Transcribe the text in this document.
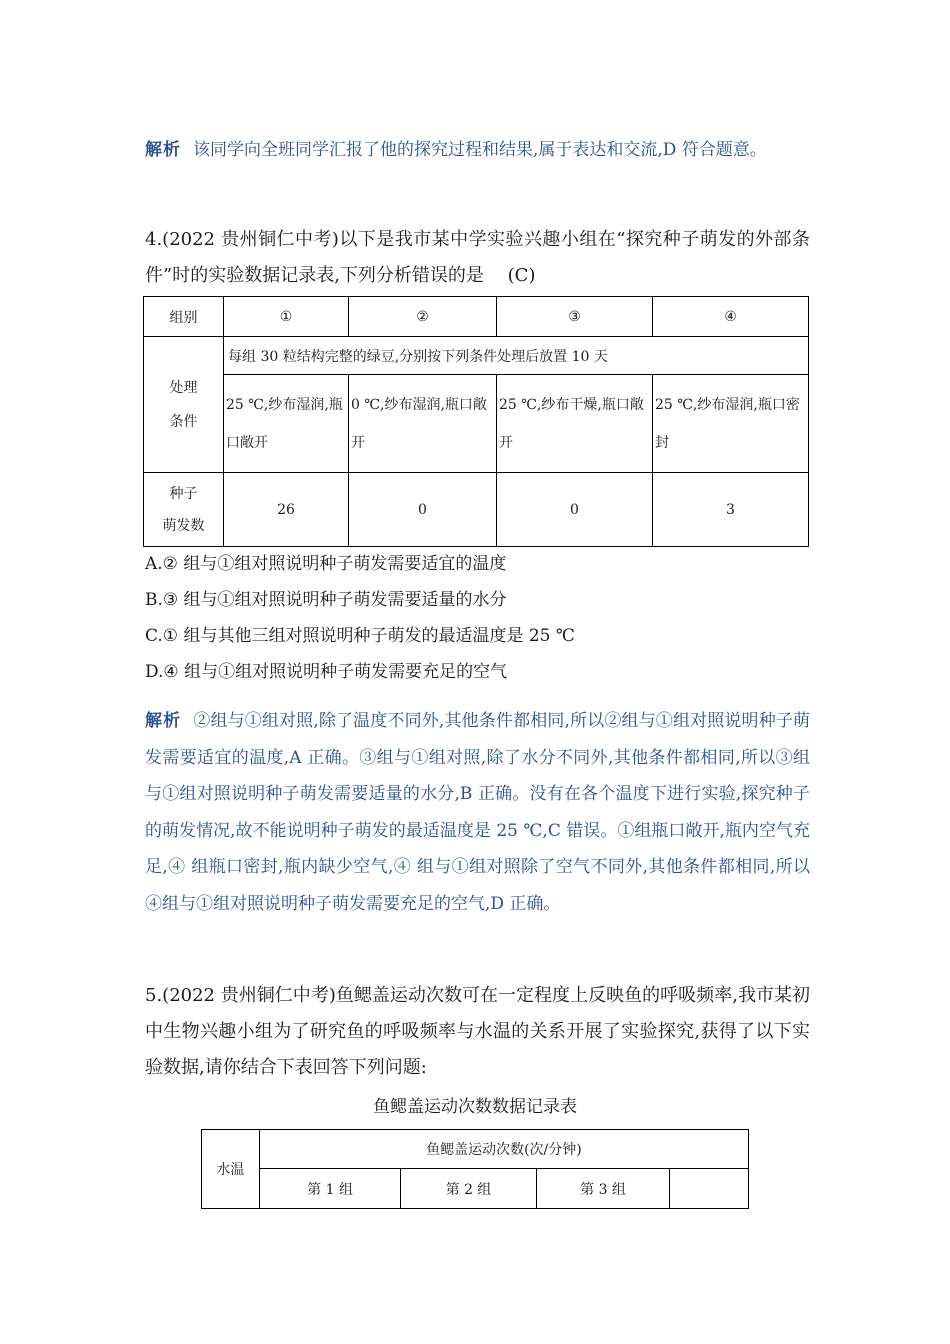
解析 该同学向全班同学汇报了他的探究过程和结果,属于表达和交流,D 符合题意。
4.(2022 贵州铜仁中考)以下是我市某中学实验兴趣小组在“探究种子萌发的外部条件”时的实验数据记录表,下列分析错误的是 　(C)
组别	①	②	③	④
处理
条件	每组 30 粒结构完整的绿豆,分别按下列条件处理后放置 10 天			
	25 ℃,纱布湿润,瓶口敞开	0 ℃,纱布湿润,瓶口敞开	25 ℃,纱布干燥,瓶口敞开	25 ℃,纱布湿润,瓶口密封
种子
萌发数	26	0	0	3
A.② 组与①组对照说明种子萌发需要适宜的温度
B.③ 组与①组对照说明种子萌发需要适量的水分
C.① 组与其他三组对照说明种子萌发的最适温度是 25 ℃
D.④ 组与①组对照说明种子萌发需要充足的空气
解析 ②组与①组对照,除了温度不同外,其他条件都相同,所以②组与①组对照说明种子萌发需要适宜的温度,A 正确。③组与①组对照,除了水分不同外,其他条件都相同,所以③组与①组对照说明种子萌发需要适量的水分,B 正确。没有在各个温度下进行实验,探究种子的萌发情况,故不能说明种子萌发的最适温度是 25 ℃,C 错误。①组瓶口敞开,瓶内空气充足,④ 组瓶口密封,瓶内缺少空气,④ 组与①组对照除了空气不同外,其他条件都相同,所以④组与①组对照说明种子萌发需要充足的空气,D 正确。
5.(2022 贵州铜仁中考)鱼鳃盖运动次数可在一定程度上反映鱼的呼吸频率,我市某初中生物兴趣小组为了研究鱼的呼吸频率与水温的关系开展了实验探究,获得了以下实验数据,请你结合下表回答下列问题:
鱼鳃盖运动次数数据记录表
水温	鱼鳃盖运动次数(次/分钟)			
	第 1 组	第 2 组	第 3 组	
